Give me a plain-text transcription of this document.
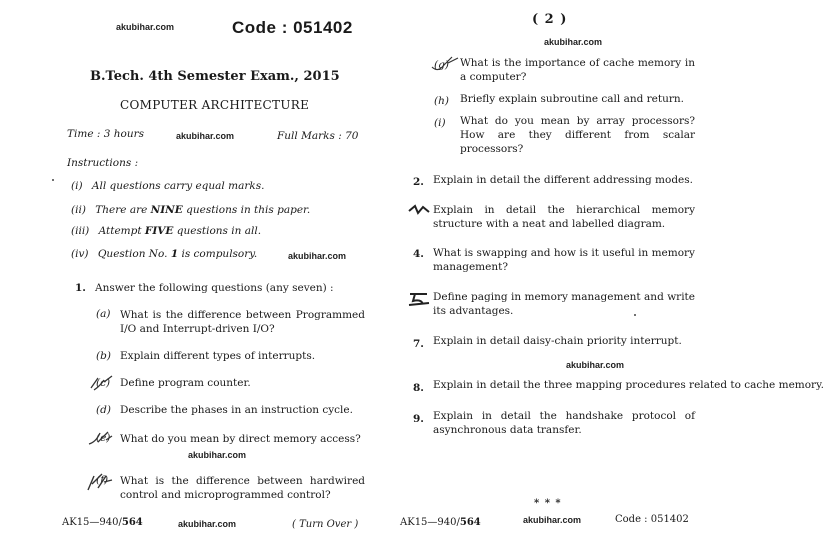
akubihar.com	Code : 051402
B.Tech. 4th Semester Exam., 2015
COMPUTER ARCHITECTURE
Time : 3 hours	akubihar.com	Full Marks : 70
Instructions :
(i) All questions carry equal marks.
(ii) There are NINE questions in this paper.
(iii) Attempt FIVE questions in all.
(iv) Question No. 1 is compulsory.	akubihar.com
1. Answer the following questions (any seven) :
(a) What is the difference between Programmed I/O and Interrupt-driven I/O?
(b) Explain different types of interrupts.
(c) Define program counter.
(d) Describe the phases in an instruction cycle.
(e) What do you mean by direct memory access?
akubihar.com
(f) What is the difference between hardwired control and microprogrammed control?
AK15—940/564	akubihar.com	( Turn Over )
( 2 )
akubihar.com
(g) What is the importance of cache memory in a computer?
(h) Briefly explain subroutine call and return.
(i) What do you mean by array processors? How are they different from scalar processors?
2. Explain in detail the different addressing modes.
Explain in detail the hierarchical memory structure with a neat and labelled diagram.
4. What is swapping and how is it useful in memory management?
Define paging in memory management and write its advantages.
7. Explain in detail daisy-chain priority interrupt.
akubihar.com
8. Explain in detail the three mapping procedures related to cache memory.
9. Explain in detail the handshake protocol of asynchronous data transfer.
* * *
AK15—940/564	akubihar.com	Code : 051402
